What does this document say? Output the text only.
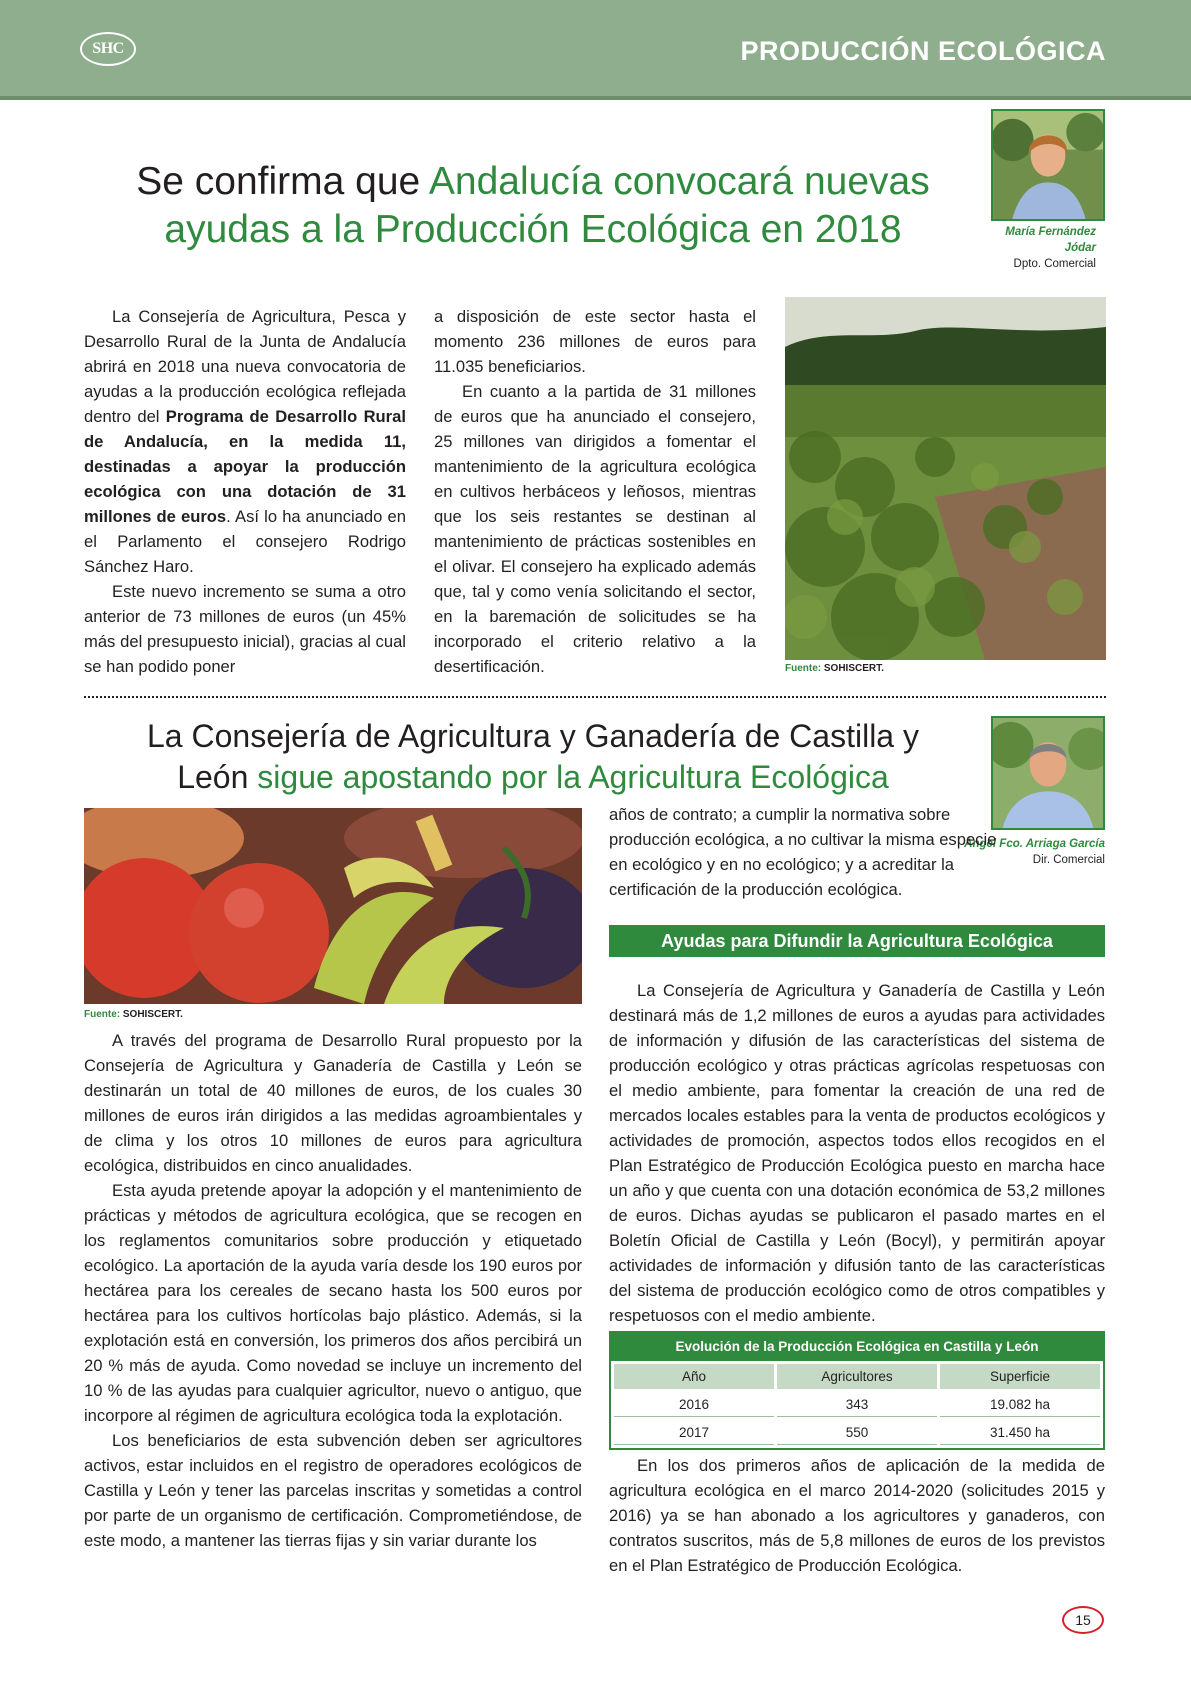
SHC	PRODUCCIÓN ECOLÓGICA
Se confirma que Andalucía convocará nuevas
ayudas a la Producción Ecológica en 2018	María Fernández
Jódar
Dpto. Comercial

La Consejería de Agricultura, Pesca y Desarrollo Rural de la Junta de Andalucía abrirá en 2018 una nueva convocatoria de ayudas a la producción ecológica reflejada dentro del Programa de Desarrollo Rural de Andalucía, en la medida 11, destinadas a apoyar la producción ecológica con una dotación de 31 millones de euros. Así lo ha anunciado en el Parlamento el consejero Rodrigo Sánchez Haro.

Este nuevo incremento se suma a otro anterior de 73 millones de euros (un 45% más del presupuesto inicial), gracias al cual se han podido poner

a disposición de este sector hasta el momento 236 millones de euros para 11.035 beneficiarios.

En cuanto a la partida de 31 millones de euros que ha anunciado el consejero, 25 millones van dirigidos a fomentar el mantenimiento de la agricultura ecológica en cultivos herbáceos y leñosos, mientras que los seis restantes se destinan al mantenimiento de prácticas sostenibles en el olivar. El consejero ha explicado además que, tal y como venía solicitando el sector, en la baremación de solicitudes se ha incorporado el criterio relativo a la desertificación.	Fuente: SOHISCERT.
La Consejería de Agricultura y Ganadería de Castilla y
León sigue apostando por la Agricultura Ecológica
Ángel Fco. Arriaga García
Dir. Comercial
Fuente: SOHISCERT.

A través del programa de Desarrollo Rural propuesto por la Consejería de Agricultura y Ganadería de Castilla y León se destinarán un total de 40 millones de euros, de los cuales 30 millones de euros irán dirigidos a las medidas agroambientales y de clima y los otros 10 millones de euros para agricultura ecológica, distribuidos en cinco anualidades.

Esta ayuda pretende apoyar la adopción y el mantenimiento de prácticas y métodos de agricultura ecológica, que se recogen en los reglamentos comunitarios sobre producción y etiquetado ecológico. La aportación de la ayuda varía desde los 190 euros por hectárea para los cereales de secano hasta los 500 euros por hectárea para los cultivos hortícolas bajo plástico. Además, si la explotación está en conversión, los primeros dos años percibirá un 20 % más de ayuda. Como novedad se incluye un incremento del 10 % de las ayudas para cualquier agricultor, nuevo o antiguo, que incorpore al régimen de agricultura ecológica toda la explotación.

Los beneficiarios de esta subvención deben ser agricultores activos, estar incluidos en el registro de operadores ecológicos de Castilla y León y tener las parcelas inscritas y sometidas a control por parte de un organismo de certificación. Comprometiéndose, de este modo, a mantener las tierras fijas y sin variar durante los

años de contrato; a cumplir la normativa sobre producción ecológica, a no cultivar la misma especie en ecológico y en no ecológico; y a acreditar la certificación de la producción ecológica.

Ayudas para Difundir la Agricultura Ecológica

La Consejería de Agricultura y Ganadería de Castilla y León destinará más de 1,2 millones de euros a ayudas para actividades de información y difusión de las características del sistema de producción ecológico y otras prácticas agrícolas respetuosas con el medio ambiente, para fomentar la creación de una red de mercados locales estables para la venta de productos ecológicos y actividades de promoción, aspectos todos ellos recogidos en el Plan Estratégico de Producción Ecológica puesto en marcha hace un año y que cuenta con una dotación económica de 53,2 millones de euros. Dichas ayudas se publicaron el pasado martes en el Boletín Oficial de Castilla y León (Bocyl), y permitirán apoyar actividades de información y difusión tanto de las características del sistema de producción ecológico como de otros compatibles y respetuosos con el medio ambiente.

Evolución de la Producción Ecológica en Castilla y León
Año	Agricultores	Superficie
2016	343	19.082 ha
2017	550	31.450 ha

En los dos primeros años de aplicación de la medida de agricultura ecológica en el marco 2014-2020 (solicitudes 2015 y 2016) ya se han abonado a los agricultores y ganaderos, con contratos suscritos, más de 5,8 millones de euros de los previstos en el Plan Estratégico de Producción Ecológica.

15
